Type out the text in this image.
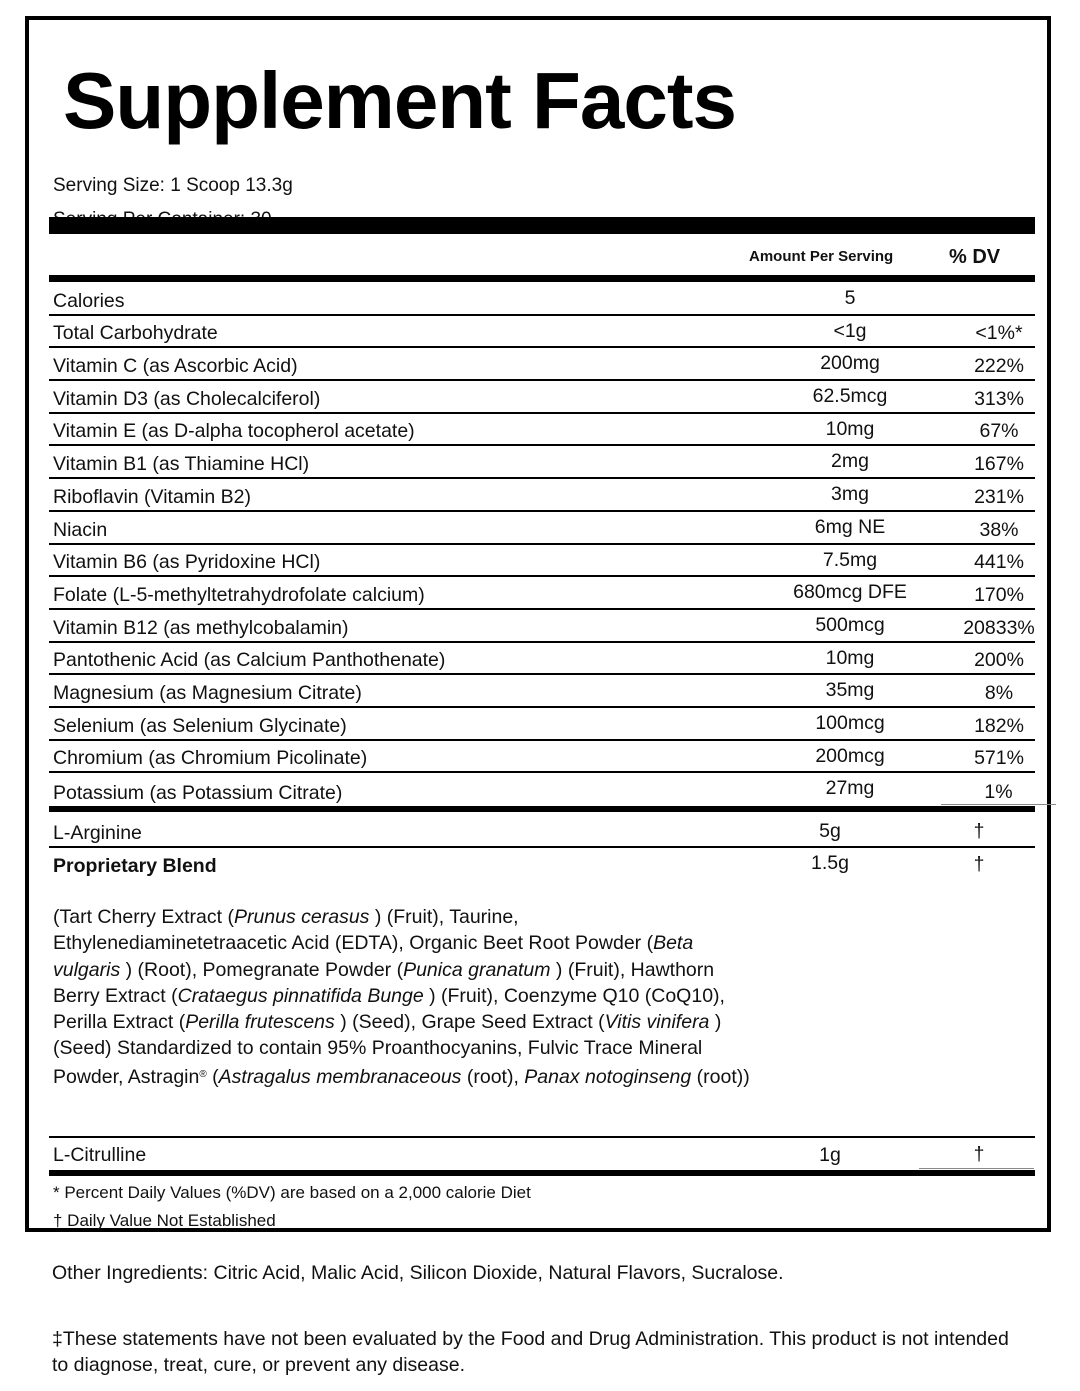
Supplement Facts
Serving Size: 1 Scoop 13.3g
Amount Per Serving	% DV
Calories	5
Total Carbohydrate	<1g	<1%*
Vitamin C (as Ascorbic Acid)	200mg	222%
Vitamin D3 (as Cholecalciferol)	62.5mcg	313%
Vitamin E (as D-alpha tocopherol acetate)	10mg	67%
Vitamin B1 (as Thiamine HCl)	2mg	167%
Riboflavin (Vitamin B2)	3mg	231%
Niacin	6mg NE	38%
Vitamin B6 (as Pyridoxine HCl)	7.5mg	441%
Folate (L-5-methyltetrahydrofolate calcium)	680mcg DFE	170%
Vitamin B12 (as methylcobalamin)	500mcg	20833%
Pantothenic Acid (as Calcium Panthothenate)	10mg	200%
Magnesium (as Magnesium Citrate)	35mg	8%
Selenium (as Selenium Glycinate)	100mcg	182%
Chromium (as Chromium Picolinate)	200mcg	571%
Potassium (as Potassium Citrate)	27mg	1%
L-Arginine	5g	†
Proprietary Blend	1.5g	†
(Tart Cherry Extract (Prunus cerasus ) (Fruit), Taurine, Ethylenediaminetetraacetic Acid (EDTA), Organic Beet Root Powder (Beta vulgaris ) (Root), Pomegranate Powder (Punica granatum ) (Fruit), Hawthorn Berry Extract (Crataegus pinnatifida Bunge ) (Fruit), Coenzyme Q10 (CoQ10), Perilla Extract (Perilla frutescens ) (Seed), Grape Seed Extract (Vitis vinifera ) (Seed) Standardized to contain 95% Proanthocyanins, Fulvic Trace Mineral Powder, Astragin® (Astragalus membranaceous (root), Panax notoginseng (root))
L-Citrulline	1g	†
* Percent Daily Values (%DV) are based on a 2,000 calorie Diet
† Daily Value Not Established
Other Ingredients: Citric Acid, Malic Acid, Silicon Dioxide, Natural Flavors, Sucralose.
‡These statements have not been evaluated by the Food and Drug Administration. This product is not intended to diagnose, treat, cure, or prevent any disease.
